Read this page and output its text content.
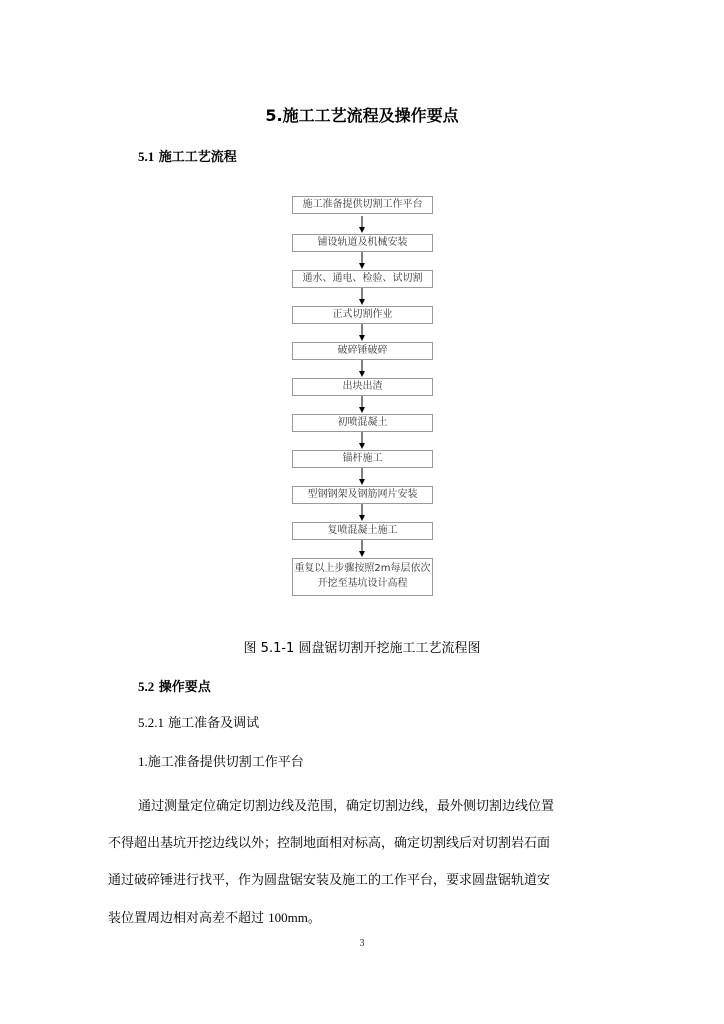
5.施工工艺流程及操作要点
5.1 施工工艺流程
施工准备提供切割工作平台
铺设轨道及机械安装
通水、通电、检验、试切割
正式切割作业
破碎锤破碎
出块出渣
初喷混凝土
锚杆施工
型钢钢架及钢筋网片安装
复喷混凝土施工
重复以上步骤按照2m每层依次开挖至基坑设计高程
图 5.1-1 圆盘锯切割开挖施工工艺流程图
5.2 操作要点
5.2.1 施工准备及调试
1.施工准备提供切割工作平台
通过测量定位确定切割边线及范围，确定切割边线，最外侧切割边线位置
不得超出基坑开挖边线以外；控制地面相对标高，确定切割线后对切割岩石面
通过破碎锤进行找平，作为圆盘锯安装及施工的工作平台，要求圆盘锯轨道安
装位置周边相对高差不超过 100mm。
3
